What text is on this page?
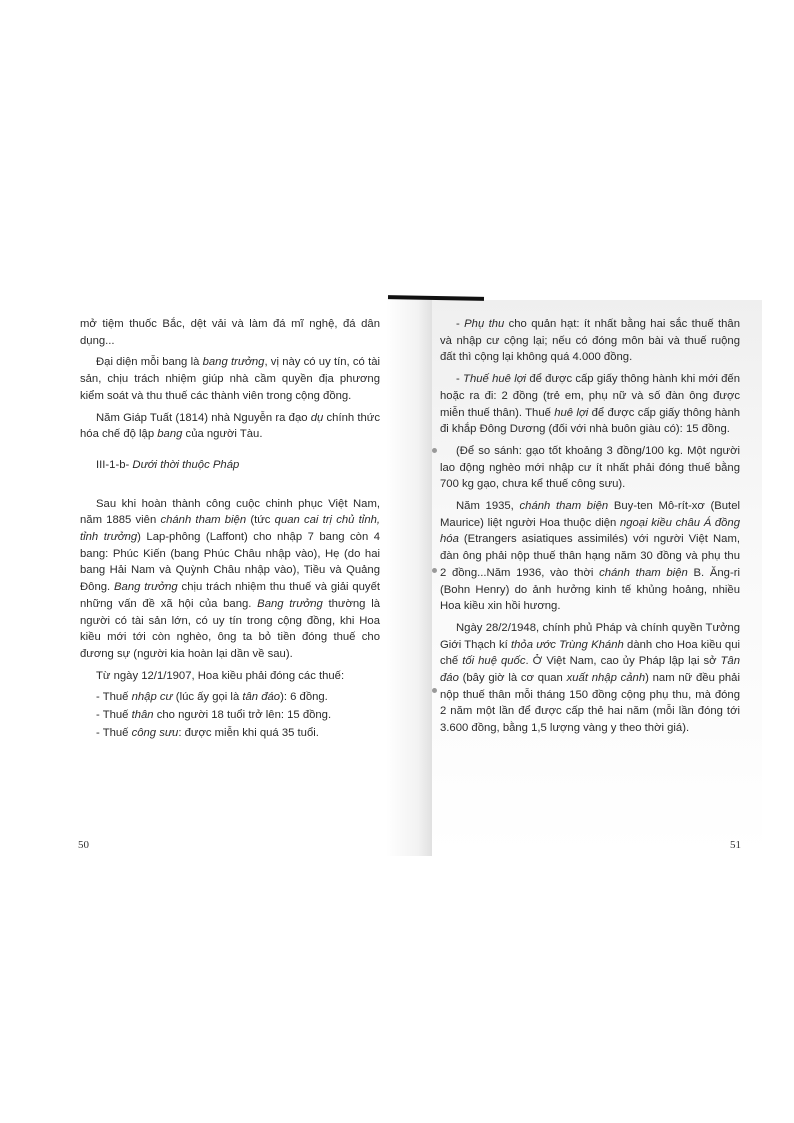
mở tiệm thuốc Bắc, dệt vải và làm đá mĩ nghệ, đá dân dụng...

Đại diện mỗi bang là bang trưởng, vị này có uy tín, có tài sản, chịu trách nhiệm giúp nhà cầm quyền địa phương kiểm soát và thu thuế các thành viên trong cộng đồng.

Năm Giáp Tuất (1814) nhà Nguyễn ra đạo dụ chính thức hóa chế độ lập bang của người Tàu.

III-1-b- Dưới thời thuộc Pháp

Sau khi hoàn thành công cuộc chinh phục Việt Nam, năm 1885 viên chánh tham biện (tức quan cai trị chủ tỉnh, tỉnh trưởng) Lap-phông (Laffont) cho nhập 7 bang còn 4 bang: Phúc Kiến (bang Phúc Châu nhập vào), Hẹ (do hai bang Hải Nam và Quỳnh Châu nhập vào), Tiều và Quảng Đông. Bang trưởng chịu trách nhiệm thu thuế và giải quyết những vấn đề xã hội của bang. Bang trưởng thường là người có tài sản lớn, có uy tín trong cộng đồng, khi Hoa kiều mới tới còn nghèo, ông ta bỏ tiền đóng thuế cho đương sự (người kia hoàn lại dần về sau).

Từ ngày 12/1/1907, Hoa kiều phải đóng các thuế:

- Thuế nhập cư (lúc ấy gọi là tân đáo): 6 đồng.

- Thuế thân cho người 18 tuổi trở lên: 15 đồng.

- Thuế công sưu: được miễn khi quá 35 tuổi.

50

- Phụ thu cho quản hạt: ít nhất bằng hai sắc thuế thân và nhập cư cộng lại; nếu có đóng môn bài và thuế ruộng đất thì cộng lại không quá 4.000 đồng.

- Thuế huê lợi để được cấp giấy thông hành khi mới đến hoặc ra đi: 2 đồng (trẻ em, phụ nữ và số đàn ông được miễn thuế thân). Thuế huê lợi để được cấp giấy thông hành đi khắp Đông Dương (đối với nhà buôn giàu có): 15 đồng.

(Để so sánh: gạo tốt khoảng 3 đồng/100 kg. Một người lao động nghèo mới nhập cư ít nhất phải đóng thuế bằng 700 kg gạo, chưa kể thuế công sưu).

Năm 1935, chánh tham biện Buy-ten Mô-rít-xơ (Butel Maurice) liệt người Hoa thuộc diện ngoại kiều châu Á đồng hóa (Etrangers asiatiques assimilés) với người Việt Nam, đàn ông phải nộp thuế thân hạng năm 30 đồng và phụ thu 2 đồng...Năm 1936, vào thời chánh tham biện B. Ăng-ri (Bohn Henry) do ảnh hưởng kinh tế khủng hoảng, nhiều Hoa kiều xin hồi hương.

Ngày 28/2/1948, chính phủ Pháp và chính quyền Tưởng Giới Thạch kí thỏa ước Trùng Khánh dành cho Hoa kiều qui chế tối huệ quốc. Ở Việt Nam, cao ủy Pháp lập lại sở Tân đáo (bây giờ là cơ quan xuất nhập cảnh) nam nữ đều phải nộp thuế thân mỗi tháng 150 đồng cộng phụ thu, mà đóng 2 năm một lần để được cấp thẻ hai năm (mỗi lần đóng tới 3.600 đồng, bằng 1,5 lượng vàng y theo thời giá).

51
